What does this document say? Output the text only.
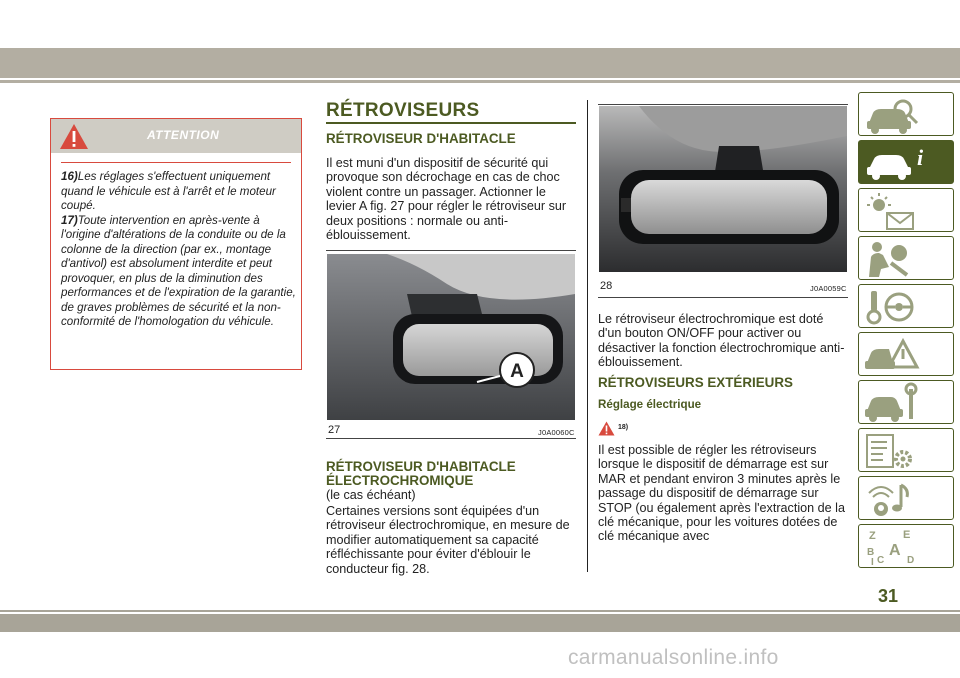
ATTENTION

16)Les réglages s'effectuent uniquement quand le véhicule est à l'arrêt et le moteur coupé.

17)Toute intervention en après-vente à l'origine d'altérations de la conduite ou de la colonne de la direction (par ex., montage d'antivol) est absolument interdite et peut provoquer, en plus de la diminution des performances et de l'expiration de la garantie, de graves problèmes de sécurité et la non-conformité de l'homologation du véhicule.

RÉTROVISEURS
RÉTROVISEUR D'HABITACLE

Il est muni d'un dispositif de sécurité qui provoque son décrochage en cas de choc violent contre un passager. Actionner le levier A fig. 27 pour régler le rétroviseur sur deux positions : normale ou anti-éblouissement.

A
27	J0A0060C
RÉTROVISEUR D'HABITACLE
ÉLECTROCHROMIQUE

(le cas échéant)

Certaines versions sont équipées d'un rétroviseur électrochromique, en mesure de modifier automatiquement sa capacité réfléchissante pour éviter d'éblouir le conducteur fig. 28.

28	J0A0059C

Le rétroviseur électrochromique est doté d'un bouton ON/OFF pour activer ou désactiver la fonction électrochromique anti-éblouissement.

RÉTROVISEURS EXTÉRIEURS
Réglage électrique
18)

Il est possible de régler les rétroviseurs lorsque le dispositif de démarrage est sur MAR et pendant environ 3 minutes après le passage du dispositif de démarrage sur STOP (ou également après l'extraction de la clé mécanique, pour les voitures dotées de clé mécanique avec

i
Z E
B A
C D
I
31
carmanualsonline.info
